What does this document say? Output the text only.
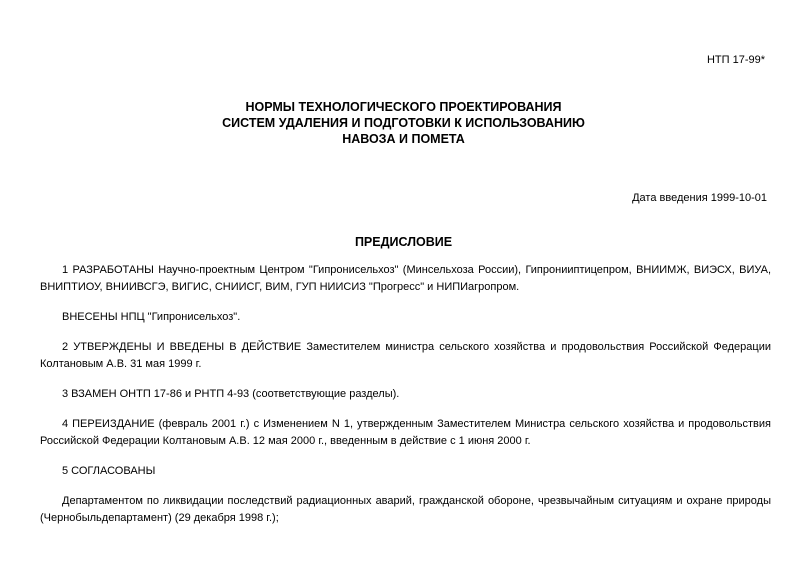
НТП 17-99*
НОРМЫ ТЕХНОЛОГИЧЕСКОГО ПРОЕКТИРОВАНИЯ
СИСТЕМ УДАЛЕНИЯ И ПОДГОТОВКИ К ИСПОЛЬЗОВАНИЮ
НАВОЗА И ПОМЕТА
Дата введения 1999-10-01
ПРЕДИСЛОВИЕ
1 РАЗРАБОТАНЫ Научно-проектным Центром "Гипронисельхоз" (Минсельхоза России), Гипронииптицепром, ВНИИМЖ, ВИЭСХ, ВИУА,
ВНИПТИОУ, ВНИИВСГЭ, ВИГИС, СНИИСГ, ВИМ, ГУП НИИСИЗ "Прогресс" и НИПИагропром.
ВНЕСЕНЫ НПЦ "Гипронисельхоз".
2 УТВЕРЖДЕНЫ И ВВЕДЕНЫ В ДЕЙСТВИЕ Заместителем министра сельского хозяйства и продовольствия Российской Федерации
Колтановым А.В. 31 мая 1999 г.
3 ВЗАМЕН ОНТП 17-86 и РНТП 4-93 (соответствующие разделы).
4 ПЕРЕИЗДАНИЕ (февраль 2001 г.) с Изменением N 1, утвержденным Заместителем Министра сельского хозяйства и продовольствия
Российской Федерации Колтановым А.В. 12 мая 2000 г., введенным в действие с 1 июня 2000 г.
5 СОГЛАСОВАНЫ
Департаментом по ликвидации последствий радиационных аварий, гражданской обороне, чрезвычайным ситуациям и охране природы
(Чернобыльдепартамент) (29 декабря 1998 г.);
